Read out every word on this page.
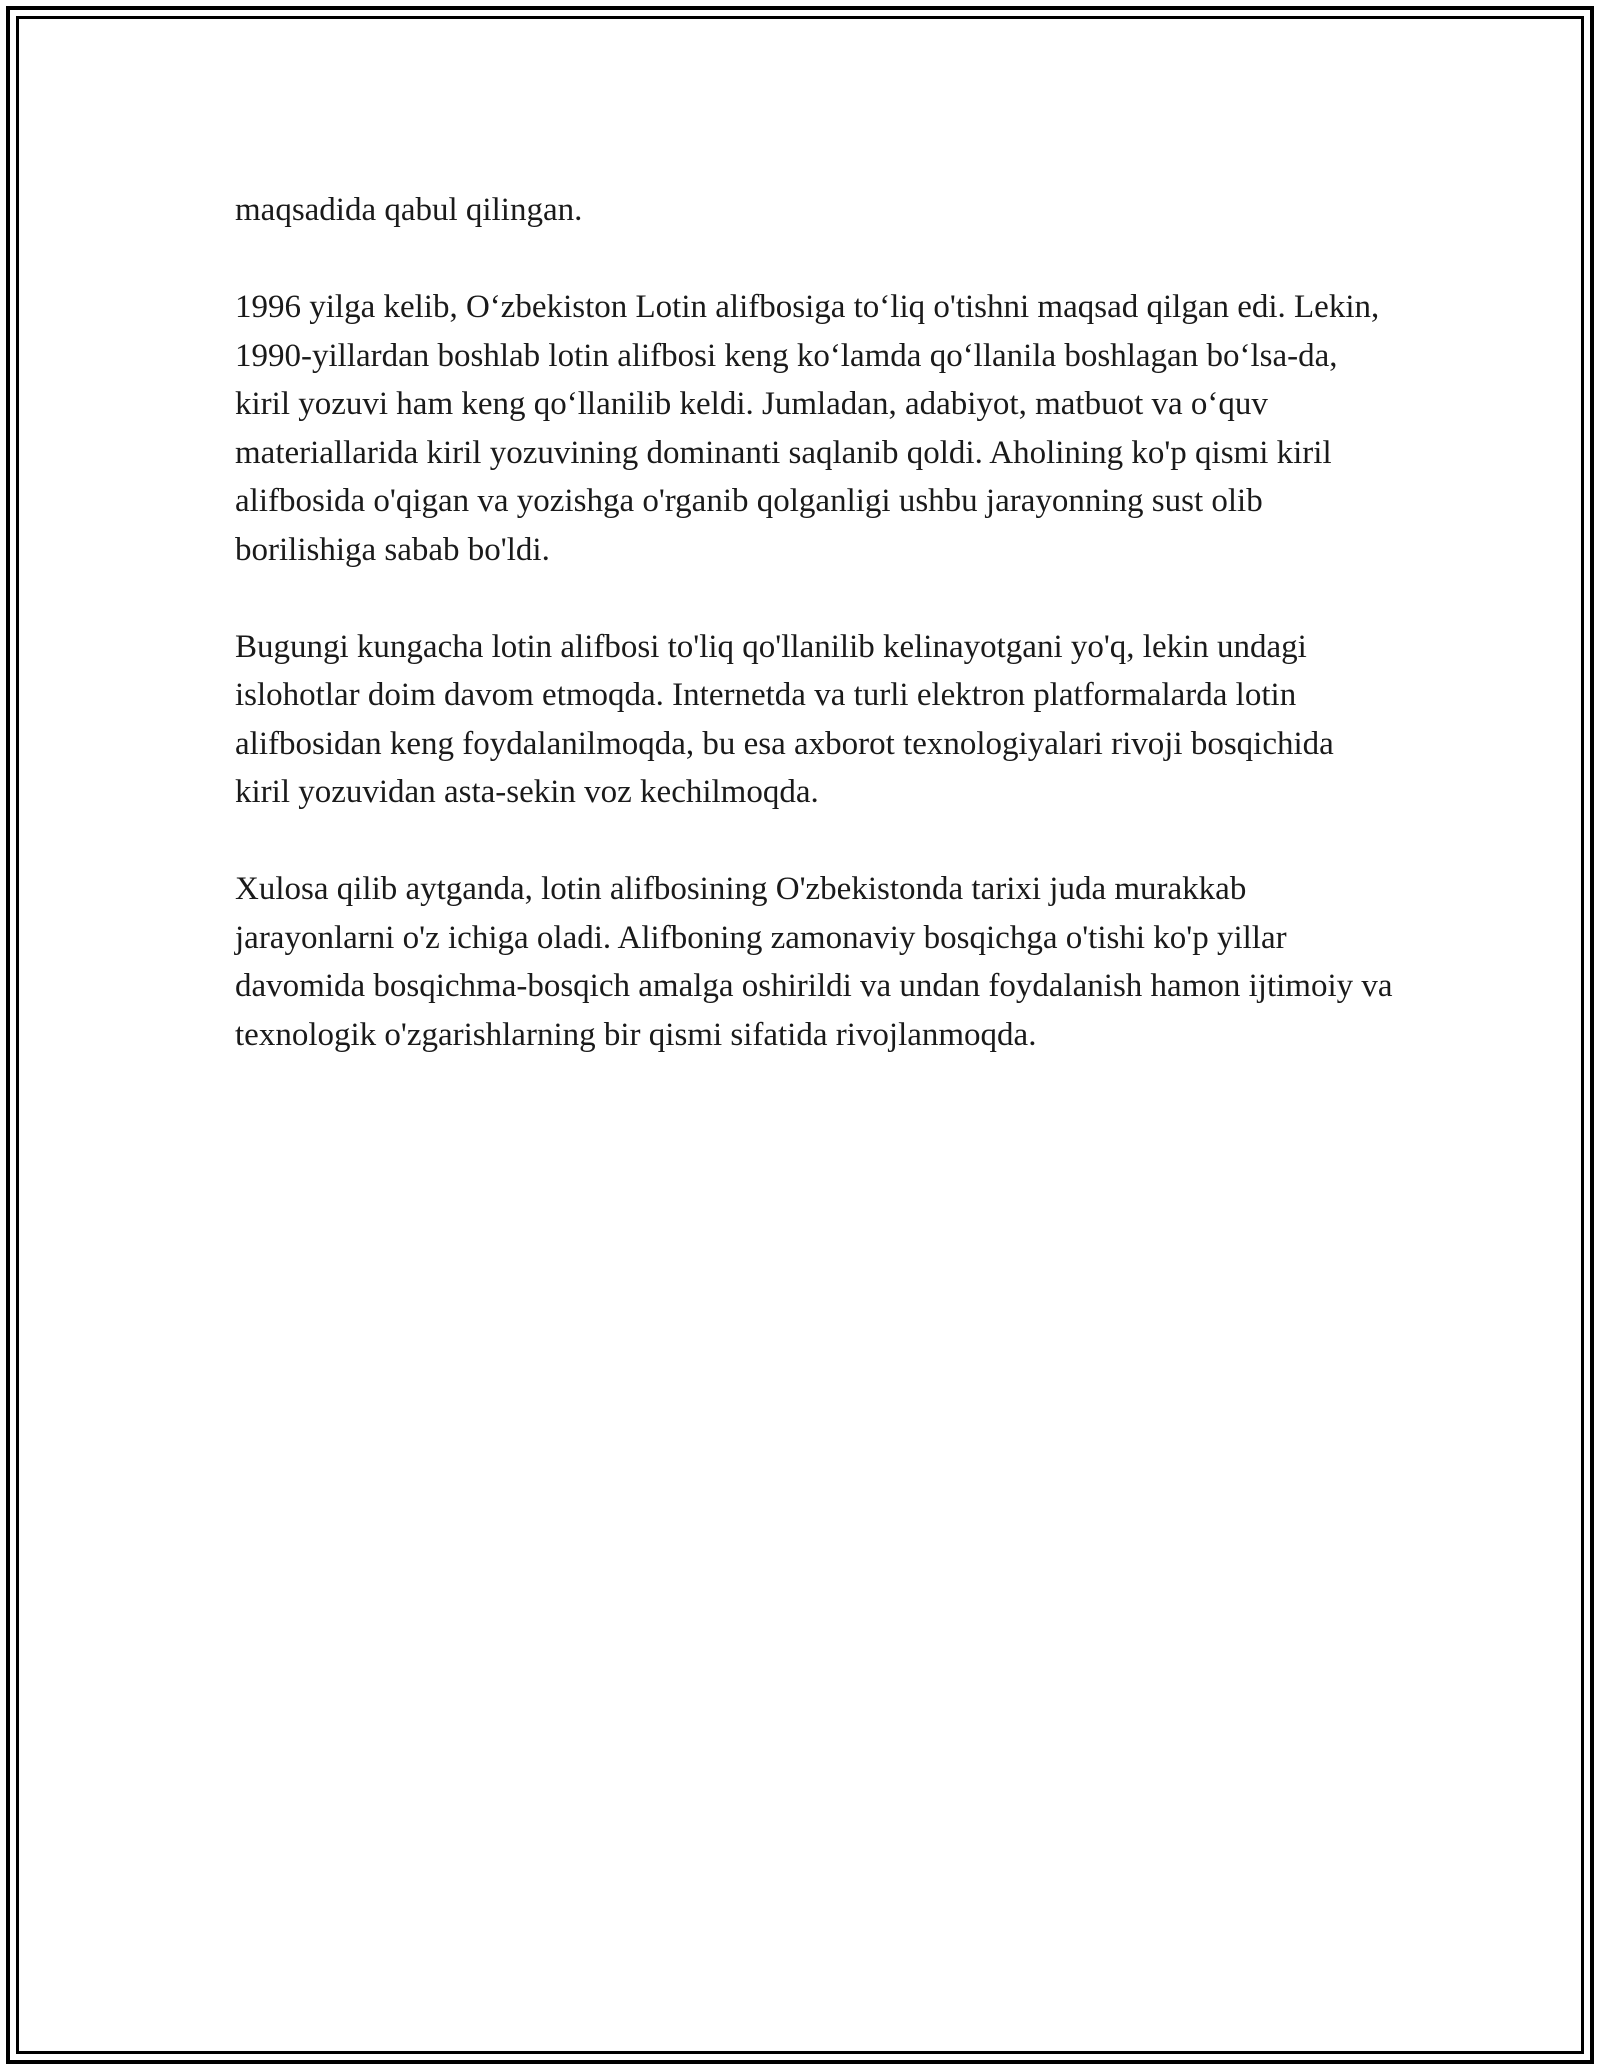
maqsadida qabul qilingan.

1996 yilga kelib, O‘zbekiston Lotin alifbosiga to‘liq o'tishni maqsad qilgan edi. Lekin, 1990-yillardan boshlab lotin alifbosi keng ko‘lamda qo‘llanila boshlagan bo‘lsa-da, kiril yozuvi ham keng qo‘llanilib keldi. Jumladan, adabiyot, matbuot va o‘quv materiallarida kiril yozuvining dominanti saqlanib qoldi. Aholining ko'p qismi kiril alifbosida o'qigan va yozishga o'rganib qolganligi ushbu jarayonning sust olib borilishiga sabab bo'ldi.

Bugungi kungacha lotin alifbosi to'liq qo'llanilib kelinayotgani yo'q, lekin undagi islohotlar doim davom etmoqda. Internetda va turli elektron platformalarda lotin alifbosidan keng foydalanilmoqda, bu esa axborot texnologiyalari rivoji bosqichida kiril yozuvidan asta-sekin voz kechilmoqda.

Xulosa qilib aytganda, lotin alifbosining O'zbekistonda tarixi juda murakkab jarayonlarni o'z ichiga oladi. Alifboning zamonaviy bosqichga o'tishi ko'p yillar davomida bosqichma-bosqich amalga oshirildi va undan foydalanish hamon ijtimoiy va texnologik o'zgarishlarning bir qismi sifatida rivojlanmoqda.
